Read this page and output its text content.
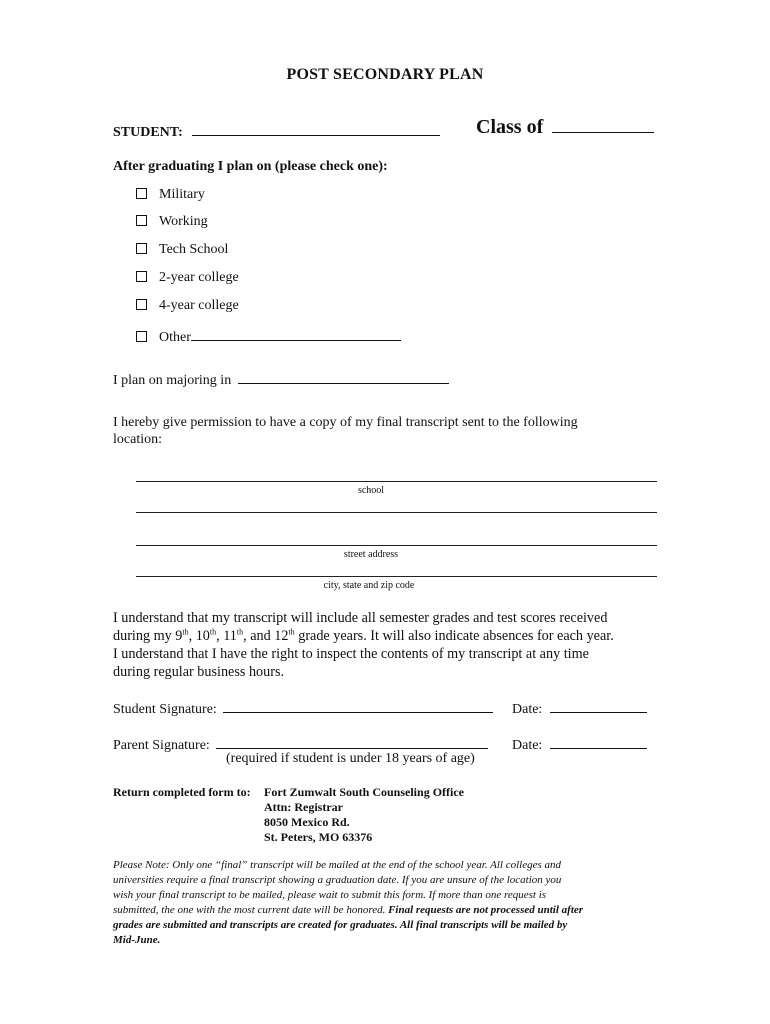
POST SECONDARY PLAN
STUDENT:	Class of
After graduating I plan on (please check one):
Military
Working
Tech School
2-year college
4-year college
Other
I plan on majoring in
I hereby give permission to have a copy of my final transcript sent to the following
location:
school
street address
city, state and zip code
I understand that my transcript will include all semester grades and test scores received
during my 9th, 10th, 11th, and 12th grade years. It will also indicate absences for each year.
I understand that I have the right to inspect the contents of my transcript at any time
during regular business hours.
Student Signature:	Date:
Parent Signature:	Date:
(required if student is under 18 years of age)
Return completed form to: Fort Zumwalt South Counseling Office
Attn: Registrar
8050 Mexico Rd.
St. Peters, MO 63376
Please Note: Only one “final” transcript will be mailed at the end of the school year. All colleges and
universities require a final transcript showing a graduation date. If you are unsure of the location you
wish your final transcript to be mailed, please wait to submit this form. If more than one request is
submitted, the one with the most current date will be honored. Final requests are not processed until after
grades are submitted and transcripts are created for graduates. All final transcripts will be mailed by
Mid-June.
